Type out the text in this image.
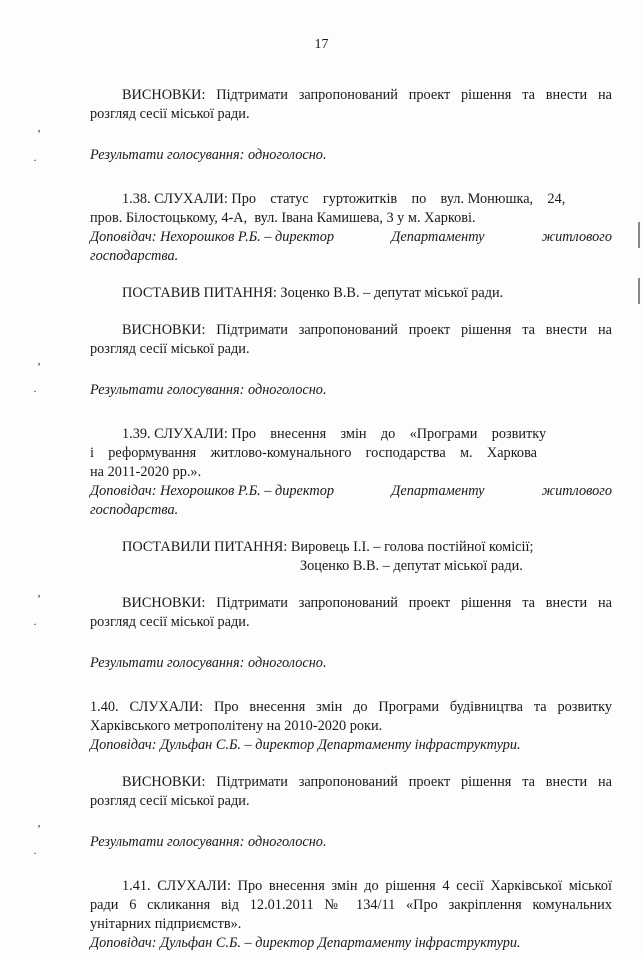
17

ВИСНОВКИ: Підтримати запропонований проект рішення та внести на

розгляд сесії міської ради.

Результати голосування: одноголосно.

1.38. СЛУХАЛИ: Про    статус    гуртожитків    по    вул. Монюшка,    24,

пров. Білостоцькому, 4-А,  вул. Івана Камишева, 3 у м. Харкові.

Доповідач: Нехорошков Р.Б. – директор	Департаменту	житлового

господарства.

ПОСТАВИВ ПИТАННЯ: Зоценко В.В. – депутат міської ради.

ВИСНОВКИ: Підтримати запропонований проект рішення та внести на

розгляд сесії міської ради.

Результати голосування: одноголосно.

1.39. СЛУХАЛИ: Про    внесення    змін    до    «Програми    розвитку

і    реформування    житлово-комунального    господарства    м.    Харкова

на 2011-2020 рр.».

Доповідач: Нехорошков Р.Б. – директор	Департаменту	житлового

господарства.

ПОСТАВИЛИ ПИТАННЯ: Вировець І.І. – голова постійної комісії;

Зоценко В.В. – депутат міської ради.

ВИСНОВКИ: Підтримати запропонований проект рішення та внести на

розгляд сесії міської ради.

Результати голосування: одноголосно.

1.40. СЛУХАЛИ: Про внесення змін до Програми будівництва та розвитку

Харківського метрополітену на 2010-2020 роки.

Доповідач: Дульфан С.Б. – директор Департаменту інфраструктури.

ВИСНОВКИ: Підтримати запропонований проект рішення та внести на

розгляд сесії міської ради.

Результати голосування: одноголосно.

1.41. СЛУХАЛИ: Про внесення змін до рішення 4 сесії Харківської міської

ради 6 скликання від 12.01.2011 № 134/11 «Про закріплення комунальних

унітарних підприємств».

Доповідач: Дульфан С.Б. – директор Департаменту інфраструктури.

ʼ
·
ʼ
·
ʼ
·
ʼ
·
